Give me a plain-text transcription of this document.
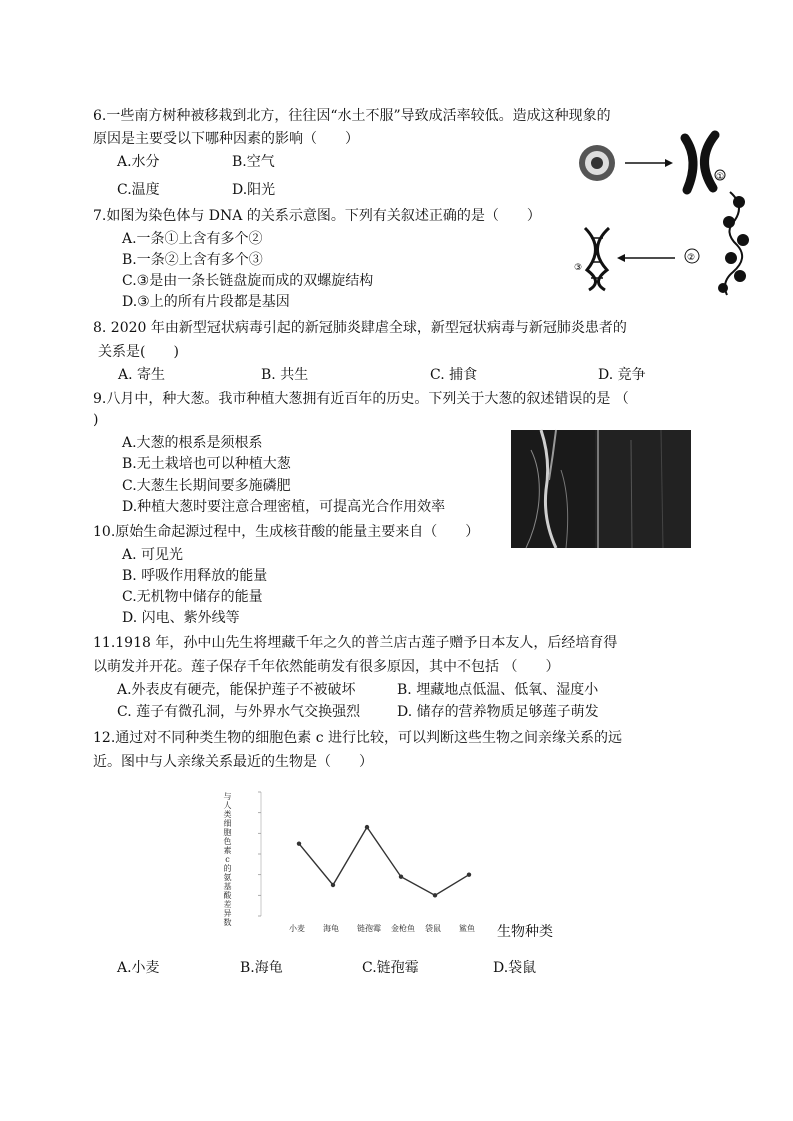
6.一些南方树种被移栽到北方，往往因“水土不服”导致成活率较低。造成这种现象的
原因是主要受以下哪种因素的影响（　　）
A.水分	B.空气
C.温度	D.阳光
①
②
③
7.如图为染色体与 DNA 的关系示意图。下列有关叙述正确的是（　　）
A.一条①上含有多个②
B.一条②上含有多个③
C.③是由一条长链盘旋而成的双螺旋结构
D.③上的所有片段都是基因
8. 2020 年由新型冠状病毒引起的新冠肺炎肆虐全球，新型冠状病毒与新冠肺炎患者的
关系是(　　)
A. 寄生	B. 共生	C. 捕食	D. 竞争
9.八月中，种大葱。我市种植大葱拥有近百年的历史。下列关于大葱的叙述错误的是 （
)
A.大葱的根系是须根系
B.无土栽培也可以种植大葱
C.大葱生长期间要多施磷肥
D.种植大葱时要注意合理密植，可提高光合作用效率
10.原始生命起源过程中，生成核苷酸的能量主要来自（　　）
A. 可见光
B. 呼吸作用释放的能量
C.无机物中储存的能量
D. 闪电、紫外线等
11.1918 年，孙中山先生将埋藏千年之久的普兰店古莲子赠予日本友人，后经培育得
以萌发并开花。莲子保存千年依然能萌发有很多原因，其中不包括 （　　）
A.外表皮有硬壳，能保护莲子不被破坏	B. 埋藏地点低温、低氧、湿度小
C. 莲子有微孔洞，与外界水气交换强烈	D. 储存的营养物质足够莲子萌发
12.通过对不同种类生物的细胞色素 c 进行比较，可以判断这些生物之间亲缘关系的远
近。图中与人亲缘关系最近的生物是（　　）
与人类细胞色素c的氨基酸差异数
小麦 海龟 链孢霉 金枪鱼 袋鼠 鲨鱼 生物种类
A.小麦	B.海龟	C.链孢霉	D.袋鼠
